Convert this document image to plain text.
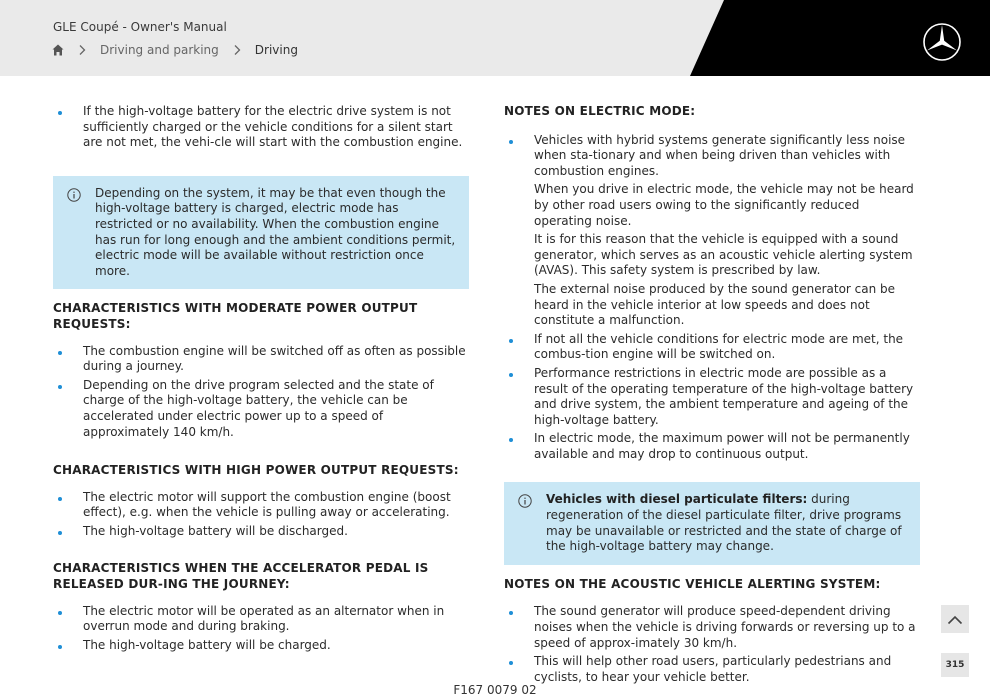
GLE Coupé - Owner's Manual
Driving and parking	Driving
If the high-voltage battery for the electric drive system is not sufficiently charged or the vehicle conditions for a silent start are not met, the vehi-cle will start with the combustion engine.
Depending on the system, it may be that even though the high-voltage battery is charged, electric mode has restricted or no availability. When the combustion engine has run for long enough and the ambient conditions permit, electric mode will be available without restriction once more.
CHARACTERISTICS WITH MODERATE POWER OUTPUT REQUESTS:
The combustion engine will be switched off as often as possible during a journey.
Depending on the drive program selected and the state of charge of the high-voltage battery, the vehicle can be accelerated under electric power up to a speed of approximately 140 km/h.
CHARACTERISTICS WITH HIGH POWER OUTPUT REQUESTS:
The electric motor will support the combustion engine (boost effect), e.g. when the vehicle is pulling away or accelerating.
The high-voltage battery will be discharged.
CHARACTERISTICS WHEN THE ACCELERATOR PEDAL IS RELEASED DUR-ING THE JOURNEY:
The electric motor will be operated as an alternator when in overrun mode and during braking.
The high-voltage battery will be charged.
NOTES ON ELECTRIC MODE:

Vehicles with hybrid systems generate significantly less noise when sta-tionary and when being driven than vehicles with combustion engines.

When you drive in electric mode, the vehicle may not be heard by other road users owing to the significantly reduced operating noise.

It is for this reason that the vehicle is equipped with a sound generator, which serves as an acoustic vehicle alerting system (AVAS). This safety system is prescribed by law.

The external noise produced by the sound generator can be heard in the vehicle interior at low speeds and does not constitute a malfunction.

If not all the vehicle conditions for electric mode are met, the combus-tion engine will be switched on.
Performance restrictions in electric mode are possible as a result of the operating temperature of the high-voltage battery and drive system, the ambient temperature and ageing of the high-voltage battery.
In electric mode, the maximum power will not be permanently available and may drop to continuous output.
Vehicles with diesel particulate filters: during regeneration of the diesel particulate filter, drive programs may be unavailable or restricted and the state of charge of the high-voltage battery may change.
NOTES ON THE ACOUSTIC VEHICLE ALERTING SYSTEM:
The sound generator will produce speed-dependent driving noises when the vehicle is driving forwards or reversing up to a speed of approx-imately 30 km/h.
This will help other road users, particularly pedestrians and cyclists, to hear your vehicle better.
315
F167 0079 02
